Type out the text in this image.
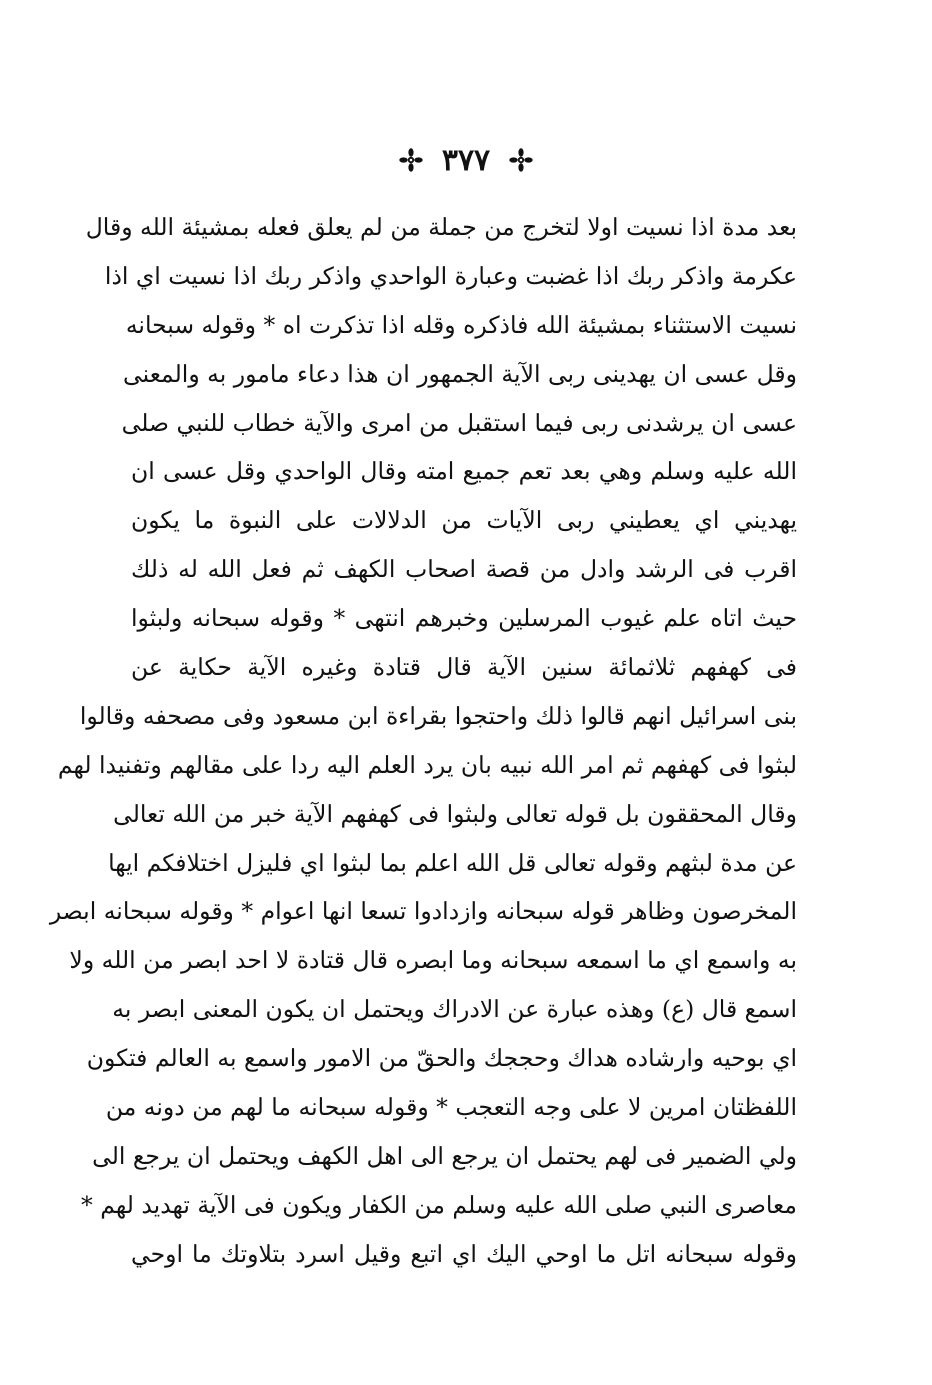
٣٧٧
بعد مدة اذا نسيت اولا لتخرج من جملة من لم يعلق فعله بمشيئة الله وقال
عكرمة واذكر ربك اذا غضبت وعبارة الواحدي واذكر ربك اذا نسيت اي اذا
نسيت الاستثناء بمشيئة الله فاذكره وقله اذا تذكرت اه * وقوله سبحانه
وقل عسى ان يهدينى ربى الآية الجمهور ان هذا دعاء مامور به والمعنى
عسى ان يرشدنى ربى فيما استقبل من امرى والآية خطاب للنبي صلى
الله عليه وسلم وهي بعد تعم جميع امته وقال الواحدي وقل عسى ان
يهديني اي يعطيني ربى الآيات من الدلالات على النبوة ما يكون
اقرب فى الرشد وادل من قصة اصحاب الكهف ثم فعل الله له ذلك
حيث اتاه علم غيوب المرسلين وخبرهم انتهى * وقوله سبحانه ولبثوا
فى كهفهم ثلاثمائة سنين الآية قال قتادة وغيره الآية حكاية عن
بنى اسرائيل انهم قالوا ذلك واحتجوا بقراءة ابن مسعود وفى مصحفه وقالوا
لبثوا فى كهفهم ثم امر الله نبيه بان يرد العلم اليه ردا على مقالهم وتفنيدا لهم
وقال المحققون بل قوله تعالى ولبثوا فى كهفهم الآية خبر من الله تعالى
عن مدة لبثهم وقوله تعالى قل الله اعلم بما لبثوا اي فليزل اختلافكم ايها
المخرصون وظاهر قوله سبحانه وازدادوا تسعا انها اعوام * وقوله سبحانه ابصر
به واسمع اي ما اسمعه سبحانه وما ابصره قال قتادة لا احد ابصر من الله ولا
اسمع قال (ع) وهذه عبارة عن الادراك ويحتمل ان يكون المعنى ابصر به
اي بوحيه وارشاده هداك وحججك والحقّ من الامور واسمع به العالم فتكون
اللفظتان امرين لا على وجه التعجب * وقوله سبحانه ما لهم من دونه من
ولي الضمير فى لهم يحتمل ان يرجع الى اهل الكهف ويحتمل ان يرجع الى
معاصرى النبي صلى الله عليه وسلم من الكفار ويكون فى الآية تهديد لهم *
وقوله سبحانه اتل ما اوحي اليك اي اتبع وقيل اسرد بتلاوتك ما اوحي
